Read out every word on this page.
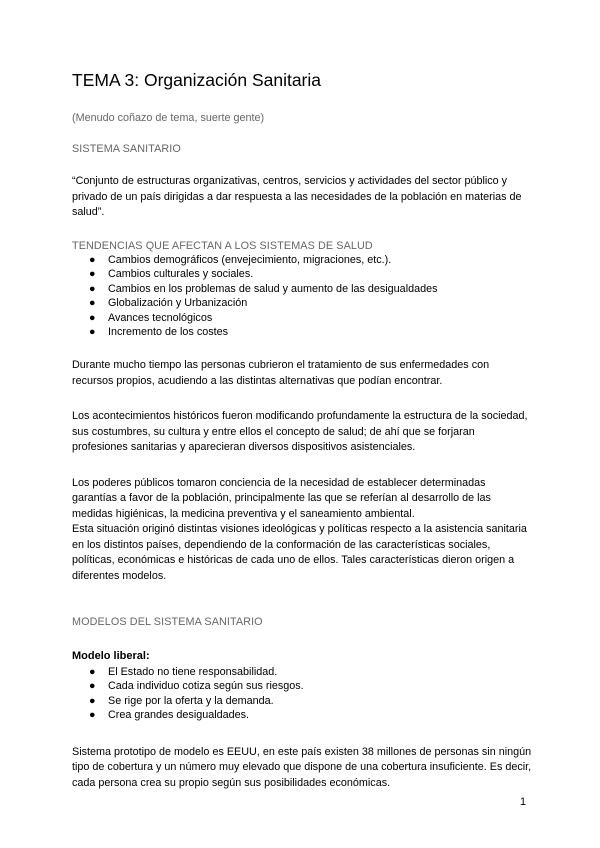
TEMA 3: Organización Sanitaria
(Menudo coñazo de tema, suerte gente)
SISTEMA SANITARIO

“Conjunto de estructuras organizativas, centros, servicios y actividades del sector público y privado de un país dirigidas a dar respuesta a las necesidades de la población en materias de salud”.

TENDENCIAS QUE AFECTAN A LOS SISTEMAS DE SALUD
● Cambios demográficos (envejecimiento, migraciones, etc.).
● Cambios culturales y sociales.
● Cambios en los problemas de salud y aumento de las desigualdades
● Globalización y Urbanización
● Avances tecnológicos
● Incremento de los costes

Durante mucho tiempo las personas cubrieron el tratamiento de sus enfermedades con recursos propios, acudiendo a las distintas alternativas que podían encontrar.

Los acontecimientos históricos fueron modificando profundamente la estructura de la sociedad, sus costumbres, su cultura y entre ellos el concepto de salud; de ahí que se forjaran profesiones sanitarias y aparecieran diversos dispositivos asistenciales.

Los poderes públicos tomaron conciencia de la necesidad de establecer determinadas garantías a favor de la población, principalmente las que se referían al desarrollo de las medidas higiénicas, la medicina preventiva y el saneamiento ambiental.

Esta situación originó distintas visiones ideológicas y políticas respecto a la asistencia sanitaria en los distintos países, dependiendo de la conformación de las características sociales, políticas, económicas e históricas de cada uno de ellos. Tales características dieron origen a diferentes modelos.

MODELOS DEL SISTEMA SANITARIO

Modelo liberal:

● El Estado no tiene responsabilidad.
● Cada individuo cotiza según sus riesgos.
● Se rige por la oferta y la demanda.
● Crea grandes desigualdades.

Sistema prototipo de modelo es EEUU, en este país existen 38 millones de personas sin ningún tipo de cobertura y un número muy elevado que dispone de una cobertura insuficiente. Es decir, cada persona crea su propio según sus posibilidades económicas.

1
